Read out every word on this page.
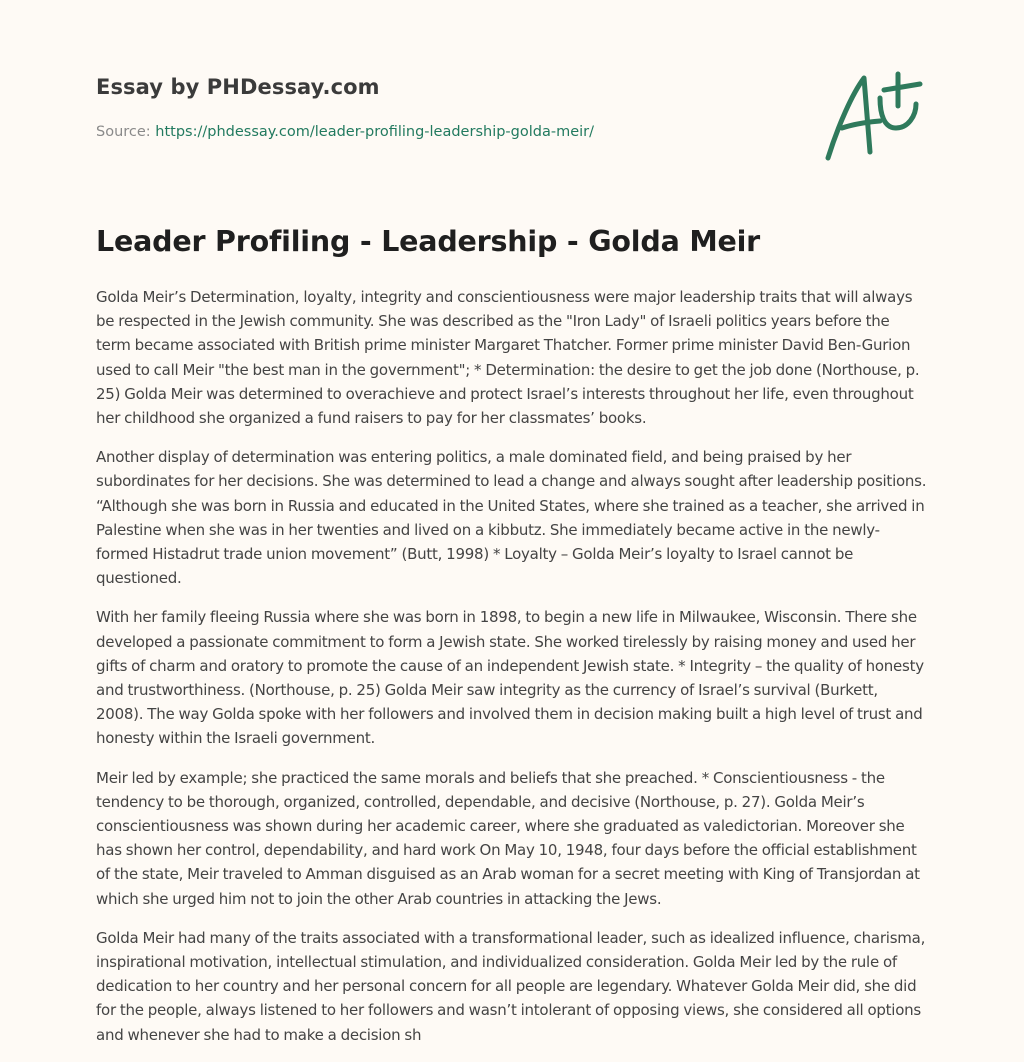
Essay by PHDessay.com
Source: https://phdessay.com/leader-profiling-leadership-golda-meir/
Leader Profiling - Leadership - Golda Meir

Golda Meir’s Determination, loyalty, integrity and conscientiousness were major leadership traits that will always be respected in the Jewish community. She was described as the "Iron Lady" of Israeli politics years before the term became associated with British prime minister Margaret Thatcher. Former prime minister David Ben-Gurion used to call Meir "the best man in the government"; * Determination: the desire to get the job done (Northouse, p. 25) Golda Meir was determined to overachieve and protect Israel’s interests throughout her life, even throughout her childhood she organized a fund raisers to pay for her classmates’ books.

Another display of determination was entering politics, a male dominated field, and being praised by her subordinates for her decisions. She was determined to lead a change and always sought after leadership positions. “Although she was born in Russia and educated in the United States, where she trained as a teacher, she arrived in Palestine when she was in her twenties and lived on a kibbutz. She immediately became active in the newly-formed Histadrut trade union movement” (Butt, 1998) * Loyalty – Golda Meir’s loyalty to Israel cannot be questioned.

With her family fleeing Russia where she was born in 1898, to begin a new life in Milwaukee, Wisconsin. There she developed a passionate commitment to form a Jewish state. She worked tirelessly by raising money and used her gifts of charm and oratory to promote the cause of an independent Jewish state. * Integrity – the quality of honesty and trustworthiness. (Northouse, p. 25) Golda Meir saw integrity as the currency of Israel’s survival (Burkett, 2008). The way Golda spoke with her followers and involved them in decision making built a high level of trust and honesty within the Israeli government.

Meir led by example; she practiced the same morals and beliefs that she preached. * Conscientiousness - the tendency to be thorough, organized, controlled, dependable, and decisive (Northouse, p. 27). Golda Meir’s conscientiousness was shown during her academic career, where she graduated as valedictorian. Moreover she has shown her control, dependability, and hard work On May 10, 1948, four days before the official establishment of the state, Meir traveled to Amman disguised as an Arab woman for a secret meeting with King of Transjordan at which she urged him not to join the other Arab countries in attacking the Jews.

Golda Meir had many of the traits associated with a transformational leader, such as idealized influence, charisma, inspirational motivation, intellectual stimulation, and individualized consideration. Golda Meir led by the rule of dedication to her country and her personal concern for all people are legendary. Whatever Golda Meir did, she did for the people, always listened to her followers and wasn’t intolerant of opposing views, she considered all options and whenever she had to make a decision sh
